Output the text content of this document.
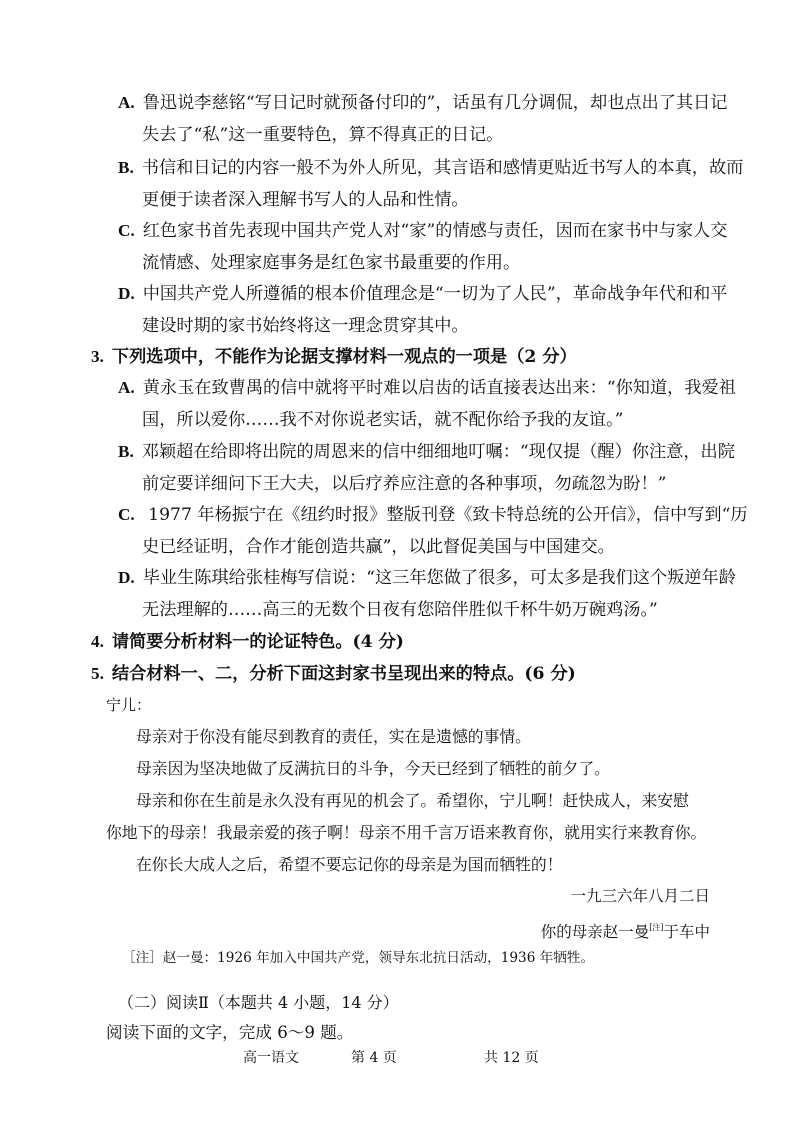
A. 鲁迅说李慈铭“写日记时就预备付印的”，话虽有几分调侃，却也点出了其日记
失去了“私”这一重要特色，算不得真正的日记。
B. 书信和日记的内容一般不为外人所见，其言语和感情更贴近书写人的本真，故而
更便于读者深入理解书写人的人品和性情。
C. 红色家书首先表现中国共产党人对“家”的情感与责任，因而在家书中与家人交
流情感、处理家庭事务是红色家书最重要的作用。
D. 中国共产党人所遵循的根本价值理念是“一切为了人民”，革命战争年代和和平
建设时期的家书始终将这一理念贯穿其中。
3. 下列选项中，不能作为论据支撑材料一观点的一项是（2 分）
A. 黄永玉在致曹禺的信中就将平时难以启齿的话直接表达出来：“你知道，我爱祖
国，所以爱你……我不对你说老实话，就不配你给予我的友谊。”
B. 邓颖超在给即将出院的周恩来的信中细细地叮嘱：“现仅提（醒）你注意，出院
前定要详细问下王大夫，以后疗养应注意的各种事项，勿疏忽为盼！”
C. 1977 年杨振宁在《纽约时报》整版刊登《致卡特总统的公开信》，信中写到“历
史已经证明，合作才能创造共赢”，以此督促美国与中国建交。
D. 毕业生陈琪给张桂梅写信说：“这三年您做了很多，可太多是我们这个叛逆年龄
无法理解的……高三的无数个日夜有您陪伴胜似千杯牛奶万碗鸡汤。”
4. 请简要分析材料一的论证特色。(4 分)
5. 结合材料一、二，分析下面这封家书呈现出来的特点。(6 分)
宁儿：
母亲对于你没有能尽到教育的责任，实在是遗憾的事情。
母亲因为坚决地做了反满抗日的斗争，今天已经到了牺牲的前夕了。
母亲和你在生前是永久没有再见的机会了。希望你，宁儿啊！赶快成人，来安慰
你地下的母亲！我最亲爱的孩子啊！母亲不用千言万语来教育你，就用实行来教育你。
在你长大成人之后，希望不要忘记你的母亲是为国而牺牲的！
一九三六年八月二日
你的母亲赵一曼[注]于车中
［注］赵一曼：1926 年加入中国共产党，领导东北抗日活动，1936 年牺牲。
（二）阅读Ⅱ（本题共 4 小题，14 分）
阅读下面的文字，完成 6～9 题。
高一语文	第 4 页	共 12 页
